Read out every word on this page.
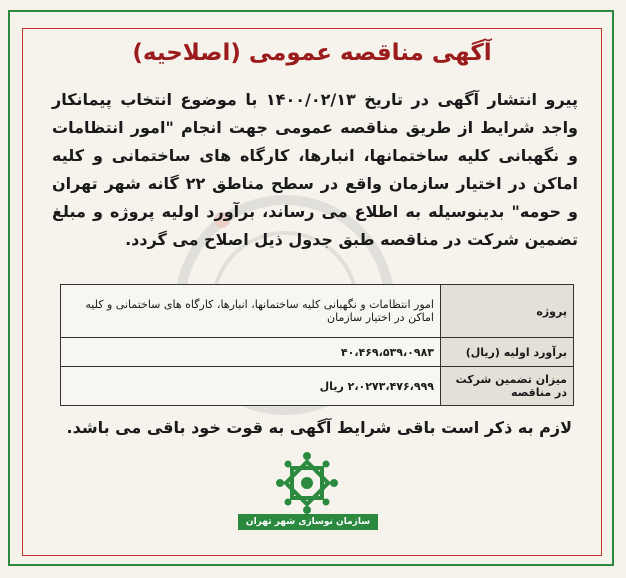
آگهی مناقصه عمومی (اصلاحیه)
پیرو انتشار آگهی در تاریخ ۱۴۰۰/۰۲/۱۳ با موضوع انتخاب پیمانکار واجد شرایط از طریق مناقصه عمومی جهت انجام "امور انتظامات و نگهبانی کلیه ساختمانها، انبارها، کارگاه های ساختمانی و کلیه اماکن در اختیار سازمان واقع در سطح مناطق ۲۲ گانه شهر تهران و حومه" بدینوسیله به اطلاع می رساند، برآورد اولیه پروژه و مبلغ تضمین شرکت در مناقصه طبق جدول ذیل اصلاح می گردد.
پروژه	امور انتظامات و نگهبانی کلیه ساختمانها، انبارها، کارگاه های ساختمانی و کلیه اماکن در اختیار سازمان
برآورد اولیه (ریال)	۴۰،۴۶۹،۵۳۹،۰۹۸۳
میزان تضمین شرکت در مناقصه	۲،۰۲۷۳،۴۷۶،۹۹۹ ریال
لازم به ذکر است باقی شرایط آگهی به قوت خود باقی می باشد.
سازمان نوسازی شهر تهران
